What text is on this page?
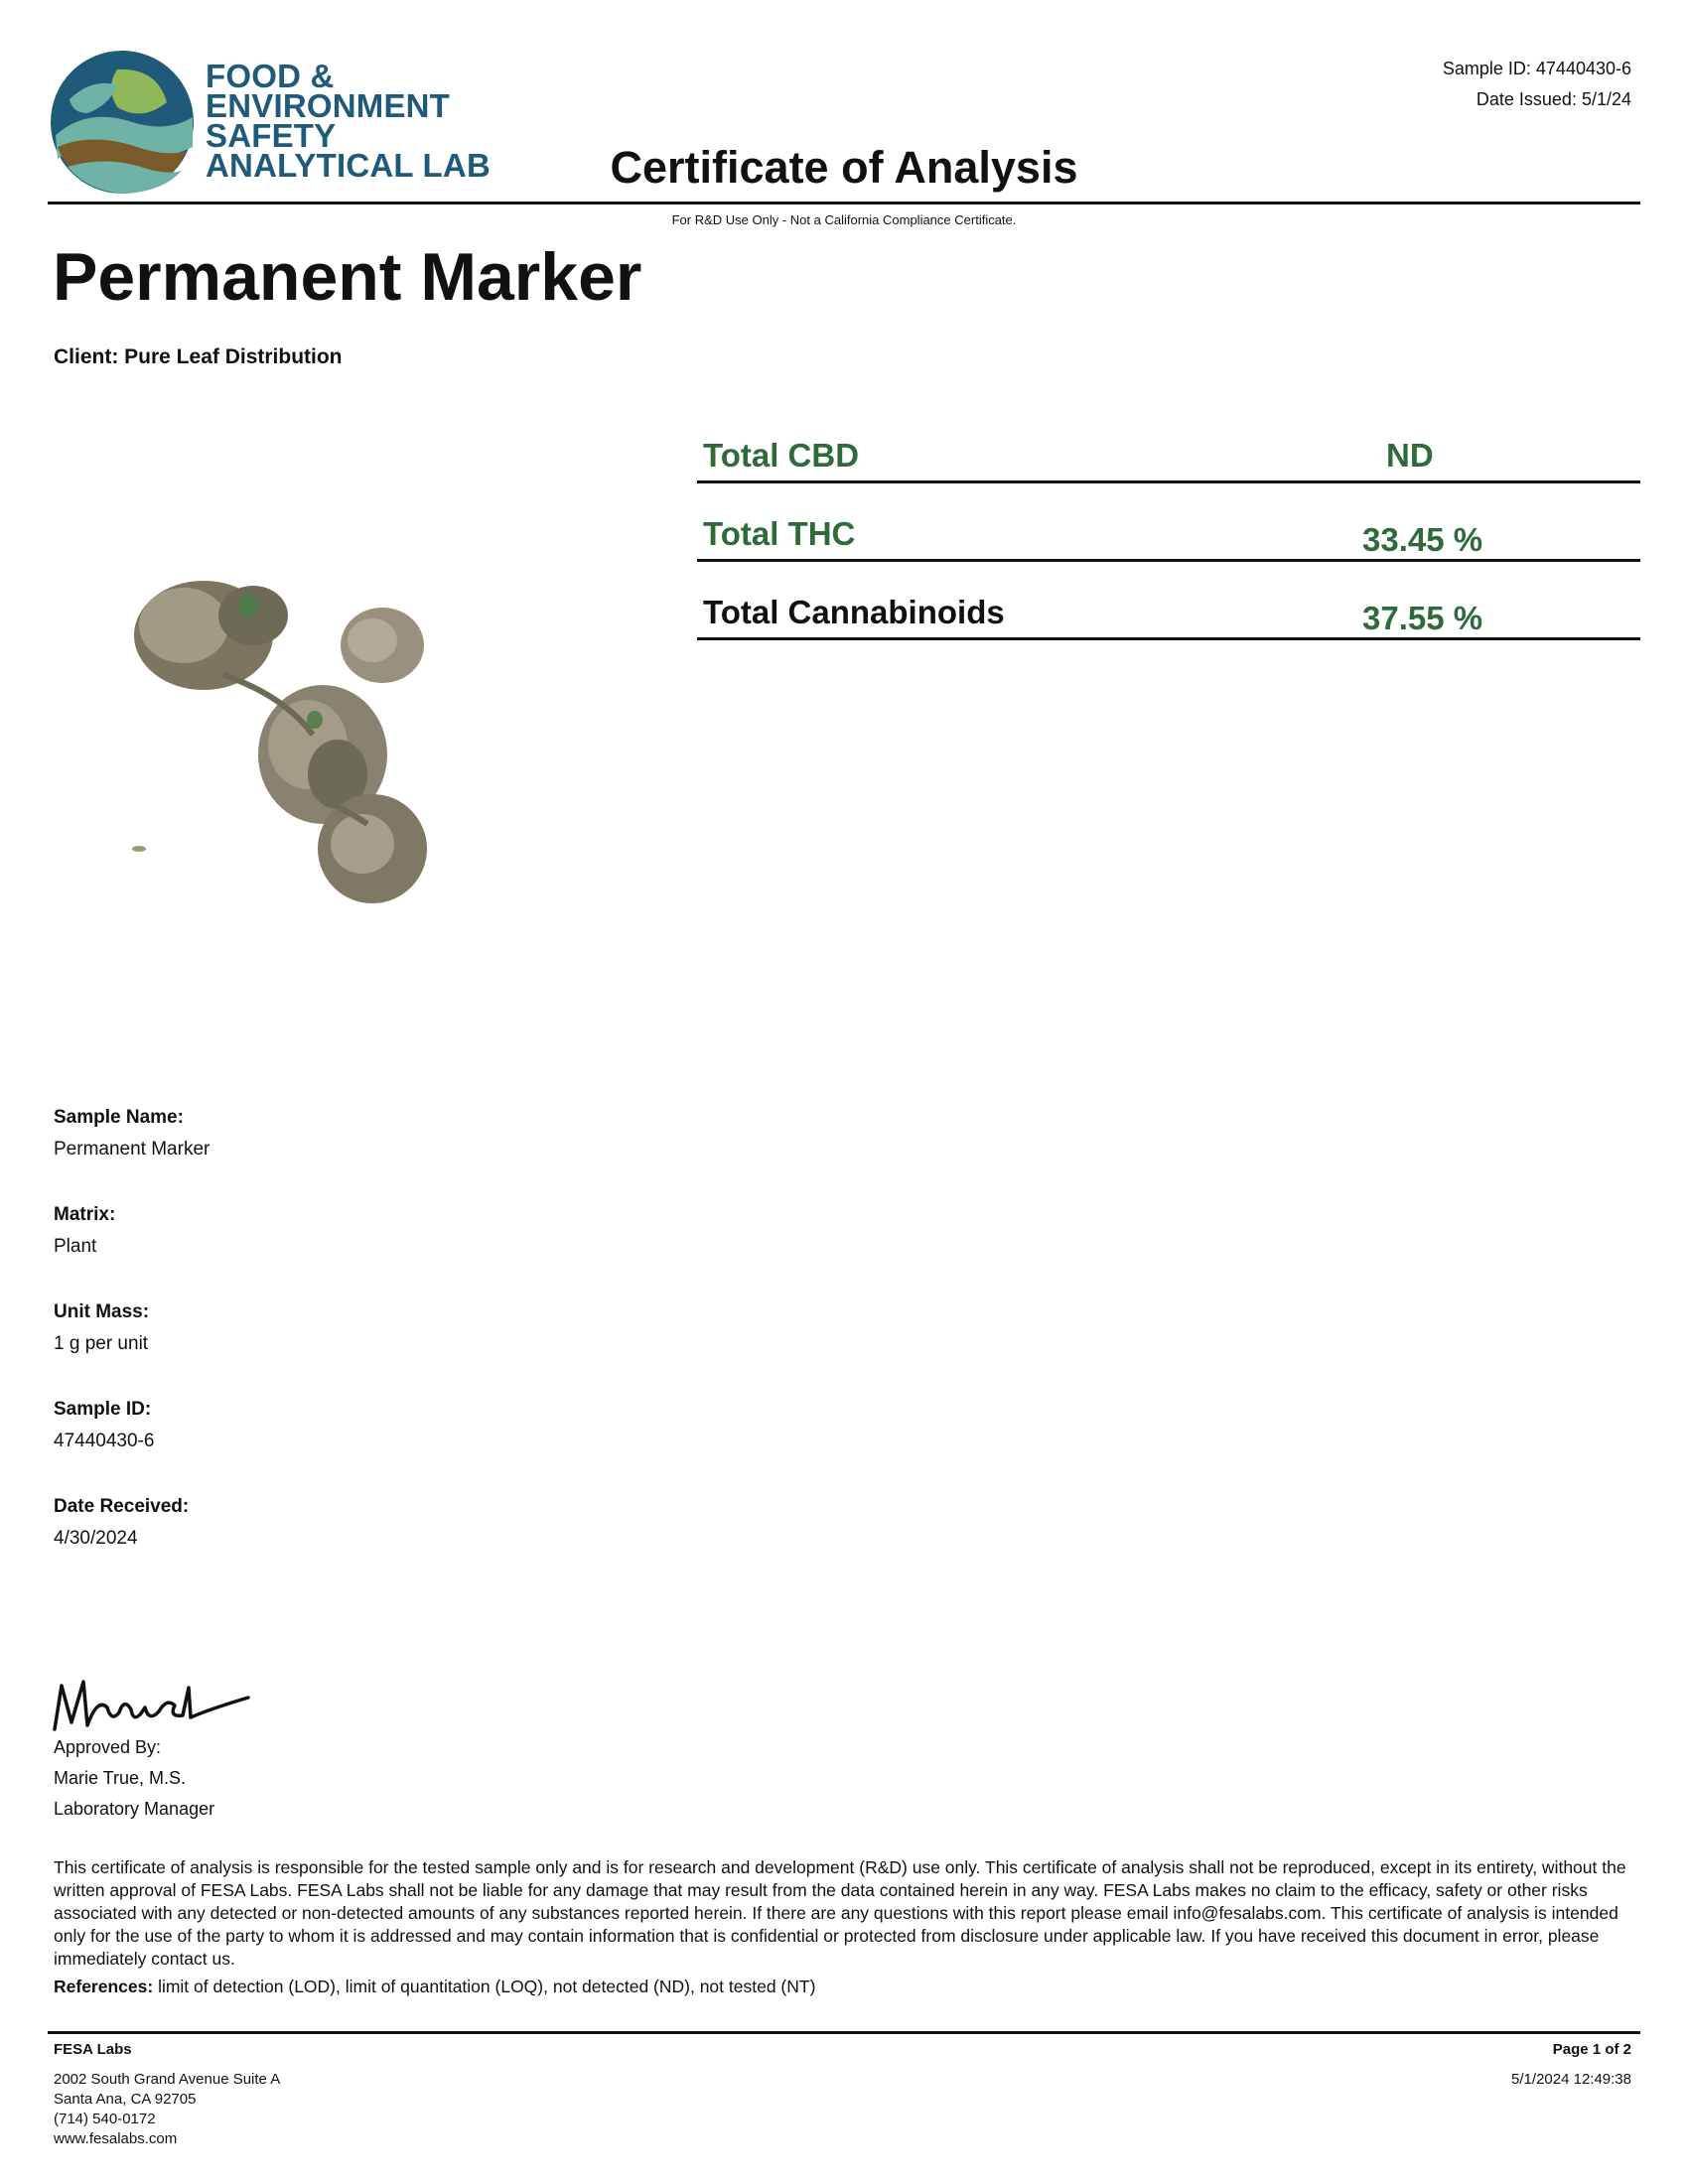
FOOD &
ENVIRONMENT
SAFETY
ANALYTICAL LAB
Sample ID: 47440430-6
Date Issued: 5/1/24
Certificate of Analysis
For R&D Use Only - Not a California Compliance Certificate.
Permanent Marker
Client: Pure Leaf Distribution
Total CBD	ND
Total THC	33.45 %
Total Cannabinoids	37.55 %

Sample Name:

Permanent Marker

Matrix:

Plant

Unit Mass:

1 g per unit

Sample ID:

47440430-6

Date Received:

4/30/2024

Approved By:
Marie True, M.S.
Laboratory Manager
This certificate of analysis is responsible for the tested sample only and is for research and development (R&D) use only. This certificate of analysis shall not be reproduced, except in its entirety, without the written approval of FESA Labs. FESA Labs shall not be liable for any damage that may result from the data contained herein in any way. FESA Labs makes no claim to the efficacy, safety or other risks associated with any detected or non-detected amounts of any substances reported herein. If there are any questions with this report please email info@fesalabs.com. This certificate of analysis is intended only for the use of the party to whom it is addressed and may contain information that is confidential or protected from disclosure under applicable law. If you have received this document in error, please immediately contact us.
References: limit of detection (LOD), limit of quantitation (LOQ), not detected (ND), not tested (NT)
FESA Labs
2002 South Grand Avenue Suite A
Santa Ana, CA 92705
(714) 540-0172
www.fesalabs.com
Page 1 of 2
5/1/2024 12:49:38
